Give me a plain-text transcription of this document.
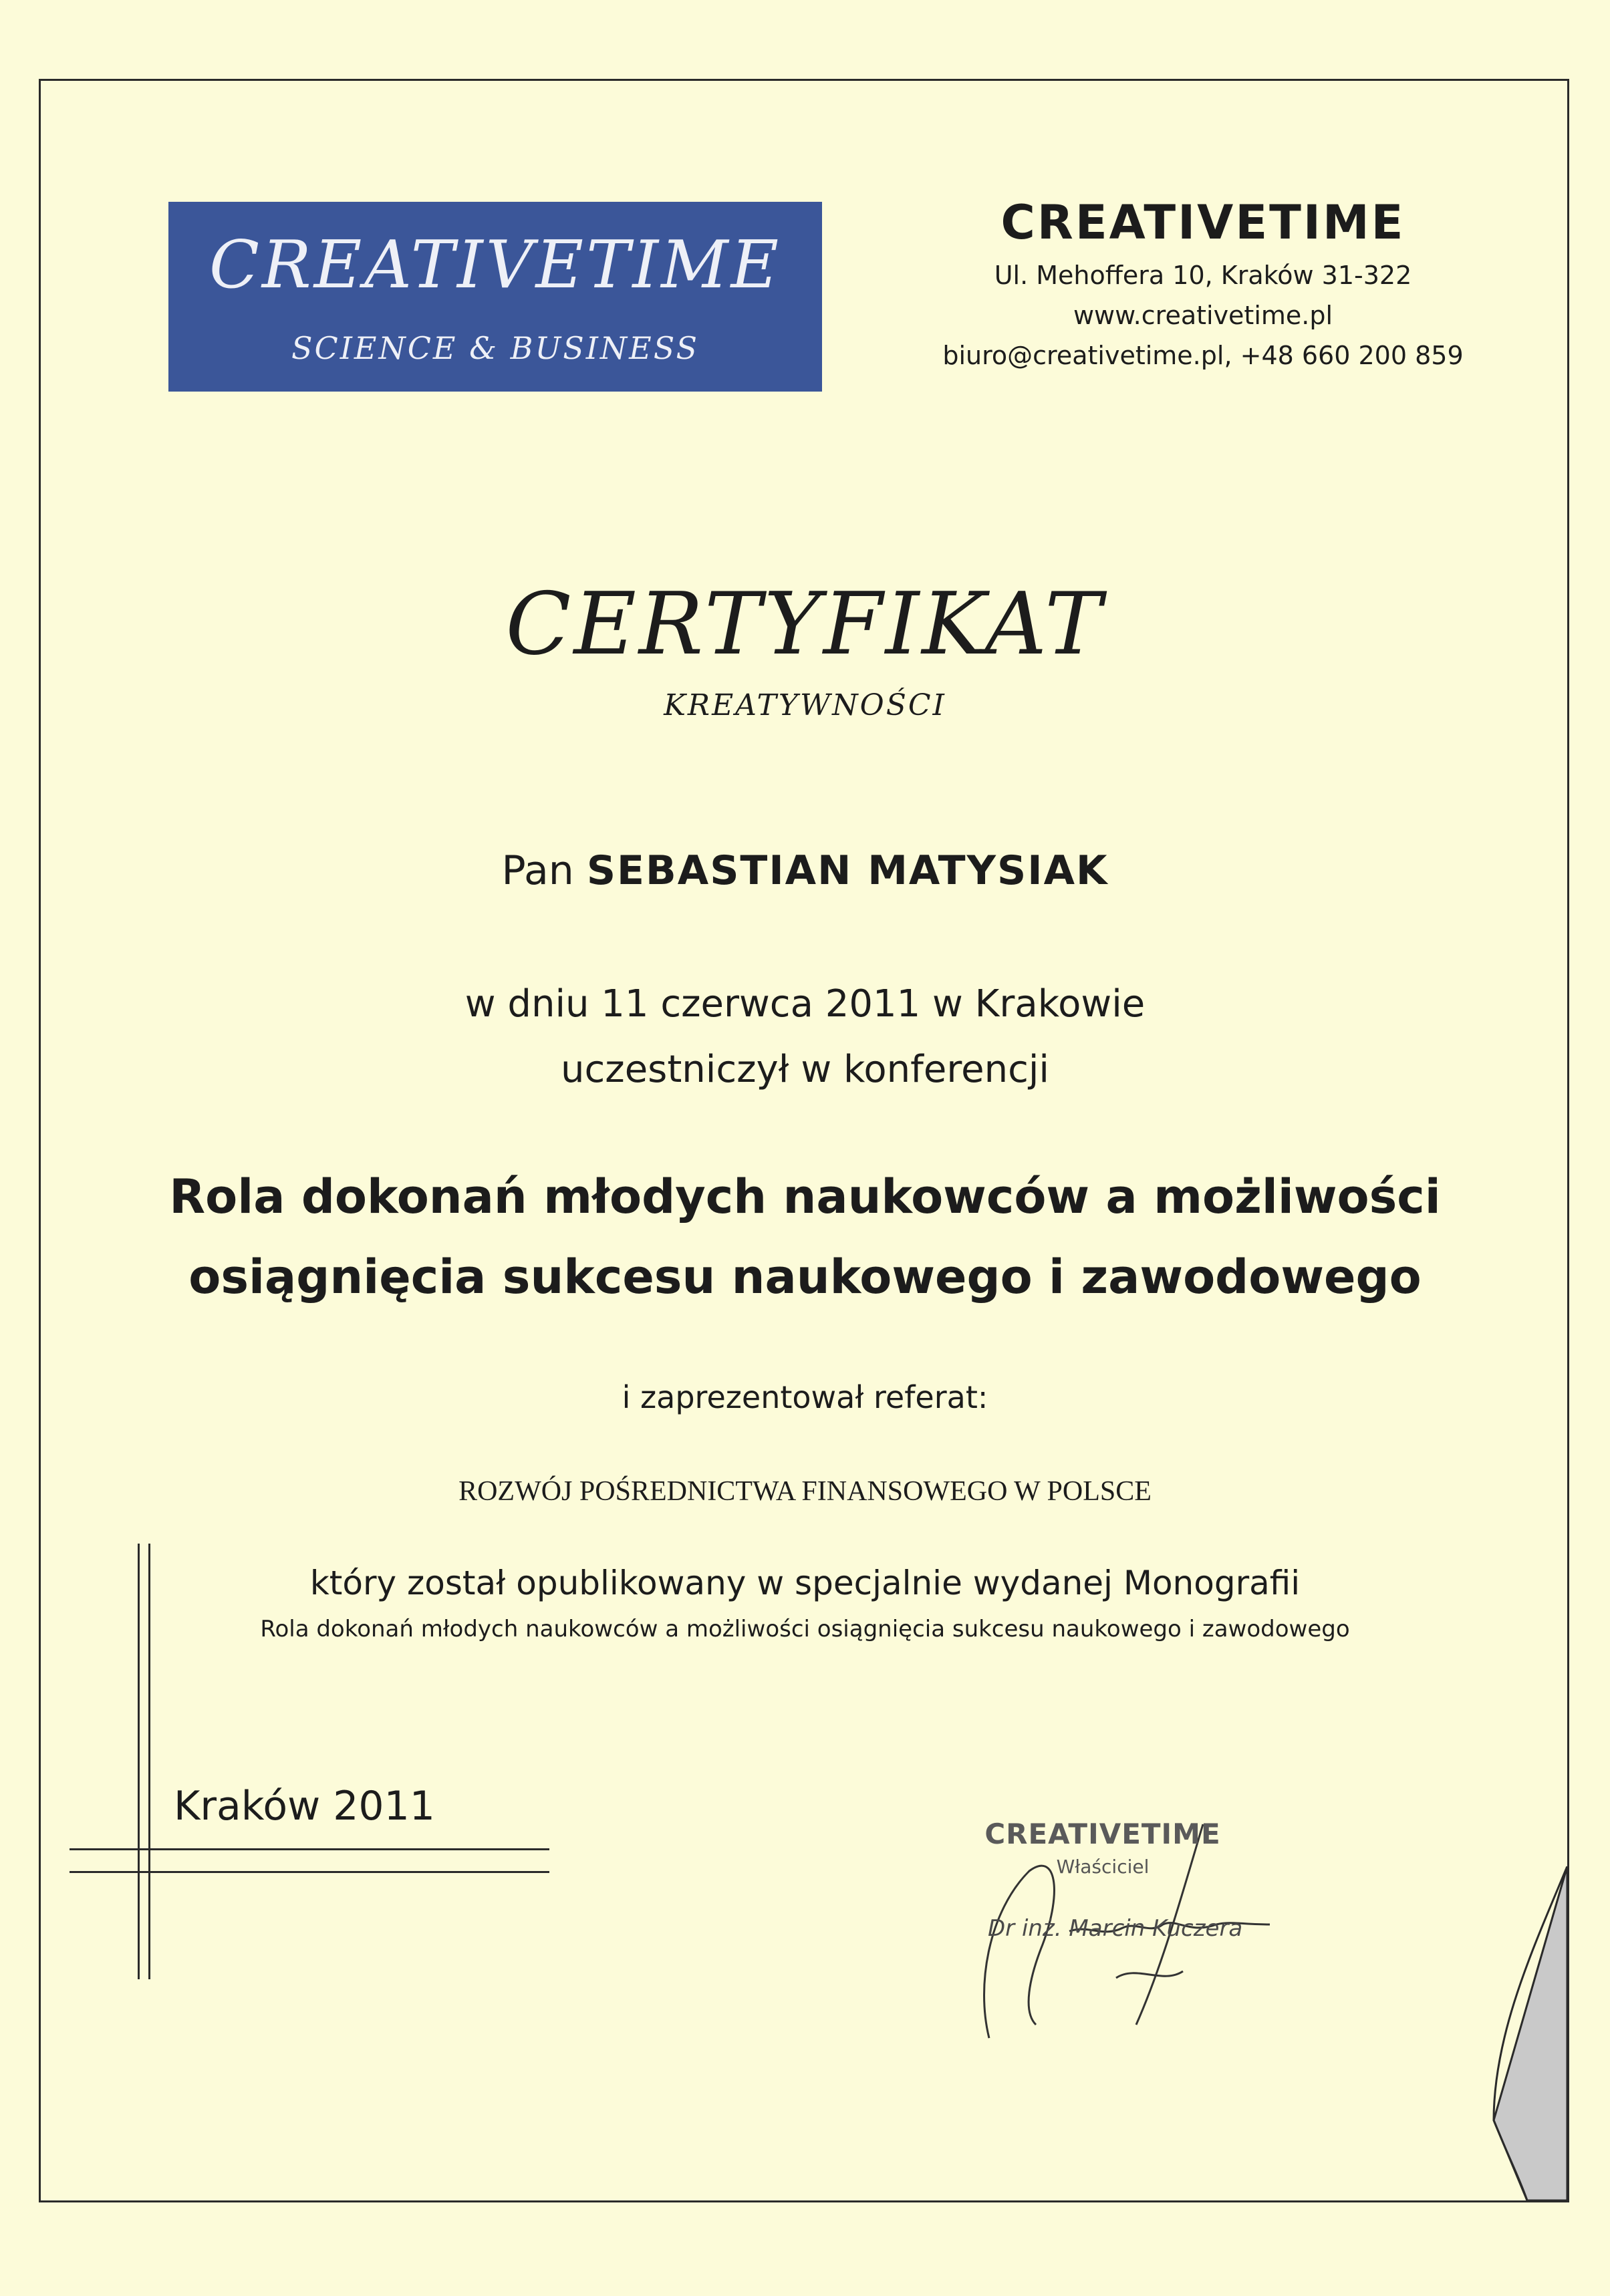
CREATIVETIME
SCIENCE & BUSINESS
CREATIVETIME
Ul. Mehoffera 10, Kraków 31-322
www.creativetime.pl
biuro@creativetime.pl, +48 660 200 859
CERTYFIKAT
KREATYWNOŚCI
Pan SEBASTIAN MATYSIAK
w dniu 11 czerwca 2011 w Krakowie
uczestniczył w konferencji
Rola dokonań młodych naukowców a możliwości
osiągnięcia sukcesu naukowego i zawodowego
i zaprezentował referat:
ROZWÓJ POŚREDNICTWA FINANSOWEGO W POLSCE
który został opublikowany w specjalnie wydanej Monografii
Rola dokonań młodych naukowców a możliwości osiągnięcia sukcesu naukowego i zawodowego
Kraków 2011
CREATIVETIME
Właściciel
Dr inż. Marcin Kuczera
